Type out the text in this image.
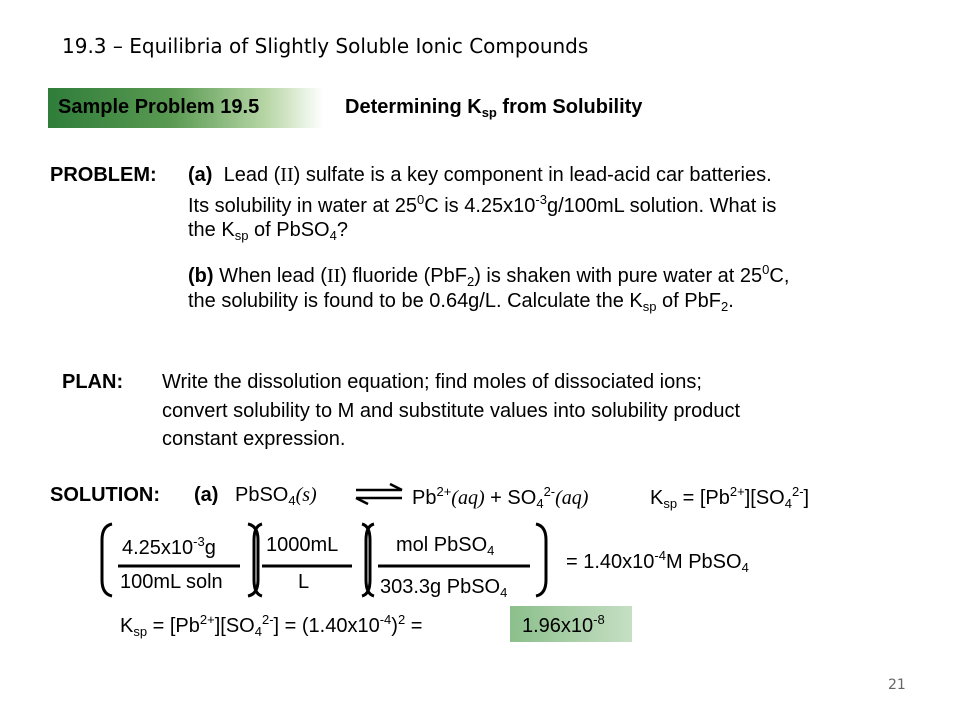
19.3 – Equilibria of Slightly Soluble Ionic Compounds
Sample Problem 19.5	Determining $K_{sp}$ from Solubility
PROBLEM: (a) Lead (II) sulfate is a key component in lead-acid car batteries.
Its solubility in water at $25^0C$ is $4.25x10^{-3}g/100mL$ solution. What is
the $K_{sp}$ of PbSO$_4$?
(b) When lead (II) fluoride (PbF$_2$) is shaken with pure water at $25^0C$,
the solubility is found to be 0.64g/L. Calculate the $K_{sp}$ of PbF$_2$.
PLAN: Write the dissolution equation; find moles of dissociated ions;
convert solubility to M and substitute values into solubility product
constant expression.
SOLUTION: (a) PbSO$_4$(s)	$Pb^{2+}(aq) + SO_4^{2-}(aq)$	$K_{sp} = [Pb^{2+}][SO_4^{2-}]$
$4.25x10^{-3}g$
100mL soln
1000mL
L
mol PbSO$_4$
303.3g PbSO$_4$
= $1.40x10^{-4}M$ PbSO$_4$
$K_{sp} = [Pb^{2+}][SO_4^{2-}] = (1.40x10^{-4})^2$ =	$1.96x10^{-8}$
21
